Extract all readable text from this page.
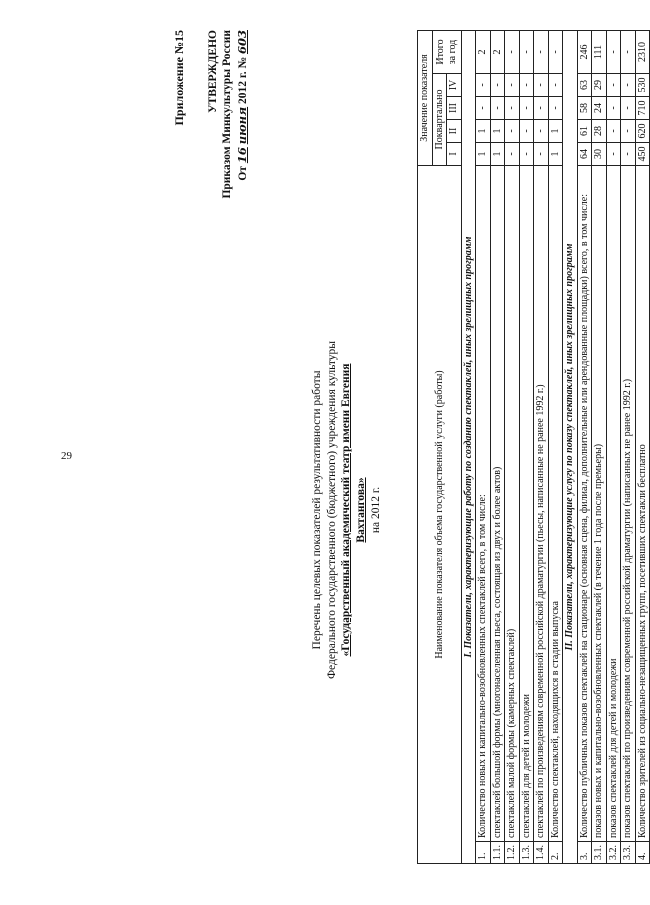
29
Приложение №15 УТВЕРЖДЕНО Приказом Минкультуры России От 16 июня 2012 г. № 603
Перечень целевых показателей результативности работы Федерального государственного (бюджетного) учреждения культуры «Государственный академический театр имени Евгения Вахтангова» на 2012 г.	Наименование показателя объема государственной услуги (работы)		Значение показателя				
		Поквартально				Итого за год
		I	II	III	IV	
I. Показатели, характеризующие работу по созданию спектаклей, иных зрелищных программ						
1.	Количество новых и капитально-возобновленных спектаклей всего, в том числе:	1	1	-	-	2
1.1.	спектаклей большой формы (многонаселенная пьеса, состоящая из двух и более актов)	1	1	-	-	2
1.2.	спектаклей малой формы (камерных спектаклей)	-	-	-	-	-
1.3.	спектаклей для детей и молодежи	-	-	-	-	-
1.4.	спектаклей по произведениям современной российской драматургии (пьесы, написанные не ранее 1992 г.)	-	-	-	-	-
2.	Количество спектаклей, находящихся в стадии выпуска	1	1	-	-	-
II. Показатели, характеризующие услугу по показу спектаклей, иных зрелищных программ						
3.	Количество публичных показов спектаклей на стационаре (основная сцена, филиал, дополнительные или арендованные площадки) всего, в том числе:	64	61	58	63	246
3.1.	показов новых и капитально-возобновленных спектаклей (в течение 1 года после премьеры)	30	28	24	29	111
3.2.	показов спектаклей для детей и молодежи	-	-	-	-	-
3.3.	показов спектаклей по произведениям современной российской драматургии (написанных не ранее 1992 г.)	-	-	-	-	-
4.	Количество зрителей из социально-незащищенных групп, посетивших спектакли бесплатно	450	620	710	530	2310
